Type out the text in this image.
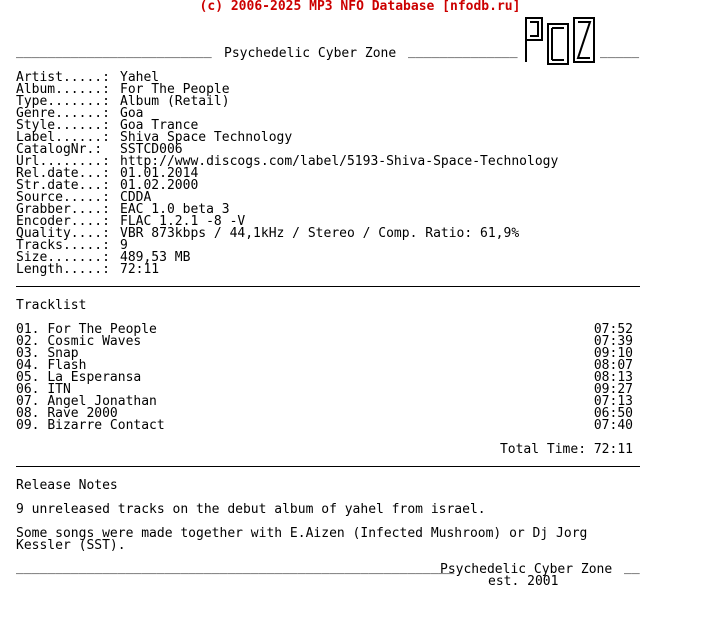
(c) 2006-2025 MP3 NFO Database [nfodb.ru]
_________________________ Psychedelic Cyber Zone ______________	_____
Artist.....: Yahel
Album......: For The People
Type.......: Album (Retail)
Genre......: Goa
Style......: Goa Trance
Label......: Shiva Space Technology
CatalogNr.: SSTCD006
Url........: http://www.discogs.com/label/5193-Shiva-Space-Technology
Rel.date...: 01.01.2014
Str.date...: 01.02.2000
Source.....: CDDA
Grabber....: EAC 1.0 beta 3
Encoder....: FLAC 1.2.1 -8 -V
Quality....: VBR 873kbps / 44,1kHz / Stereo / Comp. Ratio: 61,9%
Tracks.....: 9
Size.......: 489,53 MB
Length.....: 72:11
Tracklist
01. For The People	07:52
02. Cosmic Waves	07:39
03. Snap	09:10
04. Flash	08:07
05. La Esperansa	08:13
06. ITN	09:27
07. Angel Jonathan	07:13
08. Rave 2000	06:50
09. Bizarre Contact	07:40
Total Time: 72:11
Release Notes
9 unreleased tracks on the debut album of yahel from israel.
Some songs were made together with E.Aizen (Infected Mushroom) or Dj Jorg
Kessler (SST).
________________________________________________________
Psychedelic Cyber Zone __
est. 2001
